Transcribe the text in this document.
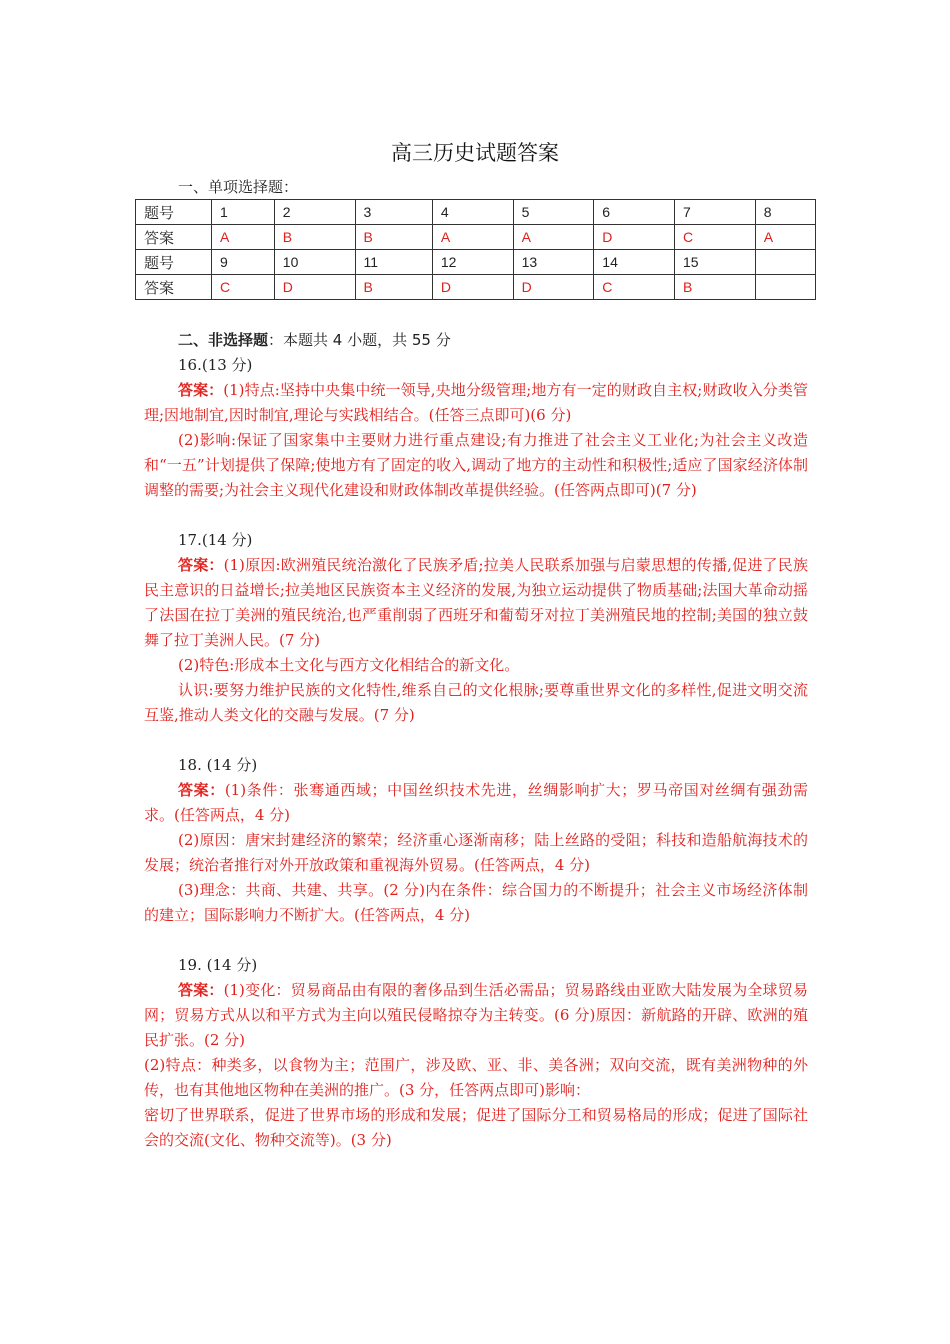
高三历史试题答案
一、单项选择题：
题号	1	2	3	4	5	6	7	8
答案	A	B	B	A	A	D	C	A
题号	9	10	11	12	13	14	15	
答案	C	D	B	D	D	C	B	

二、非选择题：本题共 4 小题，共 55 分

16.(13 分)

答案：(1)特点:坚持中央集中统一领导,央地分级管理;地方有一定的财政自主权;财政收入分类管理;因地制宜,因时制宜,理论与实践相结合。(任答三点即可)(6 分)

(2)影响:保证了国家集中主要财力进行重点建设;有力推进了社会主义工业化;为社会主义改造和“一五”计划提供了保障;使地方有了固定的收入,调动了地方的主动性和积极性;适应了国家经济体制调整的需要;为社会主义现代化建设和财政体制改革提供经验。(任答两点即可)(7 分)

17.(14 分)

答案：(1)原因:欧洲殖民统治激化了民族矛盾;拉美人民联系加强与启蒙思想的传播,促进了民族民主意识的日益增长;拉美地区民族资本主义经济的发展,为独立运动提供了物质基础;法国大革命动摇了法国在拉丁美洲的殖民统治,也严重削弱了西班牙和葡萄牙对拉丁美洲殖民地的控制;美国的独立鼓舞了拉丁美洲人民。(7 分)

(2)特色:形成本土文化与西方文化相结合的新文化。

认识:要努力维护民族的文化特性,维系自己的文化根脉;要尊重世界文化的多样性,促进文明交流互鉴,推动人类文化的交融与发展。(7 分)

18. (14 分)

答案：(1)条件：张骞通西域；中国丝织技术先进，丝绸影响扩大；罗马帝国对丝绸有强劲需求。(任答两点，4 分)

(2)原因：唐宋封建经济的繁荣；经济重心逐渐南移；陆上丝路的受阻；科技和造船航海技术的发展；统治者推行对外开放政策和重视海外贸易。(任答两点，4 分)

(3)理念：共商、共建、共享。(2 分)内在条件：综合国力的不断提升；社会主义市场经济体制的建立；国际影响力不断扩大。(任答两点，4 分)

19. (14 分)

答案：(1)变化：贸易商品由有限的奢侈品到生活必需品；贸易路线由亚欧大陆发展为全球贸易网；贸易方式从以和平方式为主向以殖民侵略掠夺为主转变。(6 分)原因：新航路的开辟、欧洲的殖民扩张。(2 分)

(2)特点：种类多，以食物为主；范围广，涉及欧、亚、非、美各洲；双向交流，既有美洲物种的外传，也有其他地区物种在美洲的推广。(3 分，任答两点即可)影响：

密切了世界联系，促进了世界市场的形成和发展；促进了国际分工和贸易格局的形成；促进了国际社会的交流(文化、物种交流等)。(3 分)
